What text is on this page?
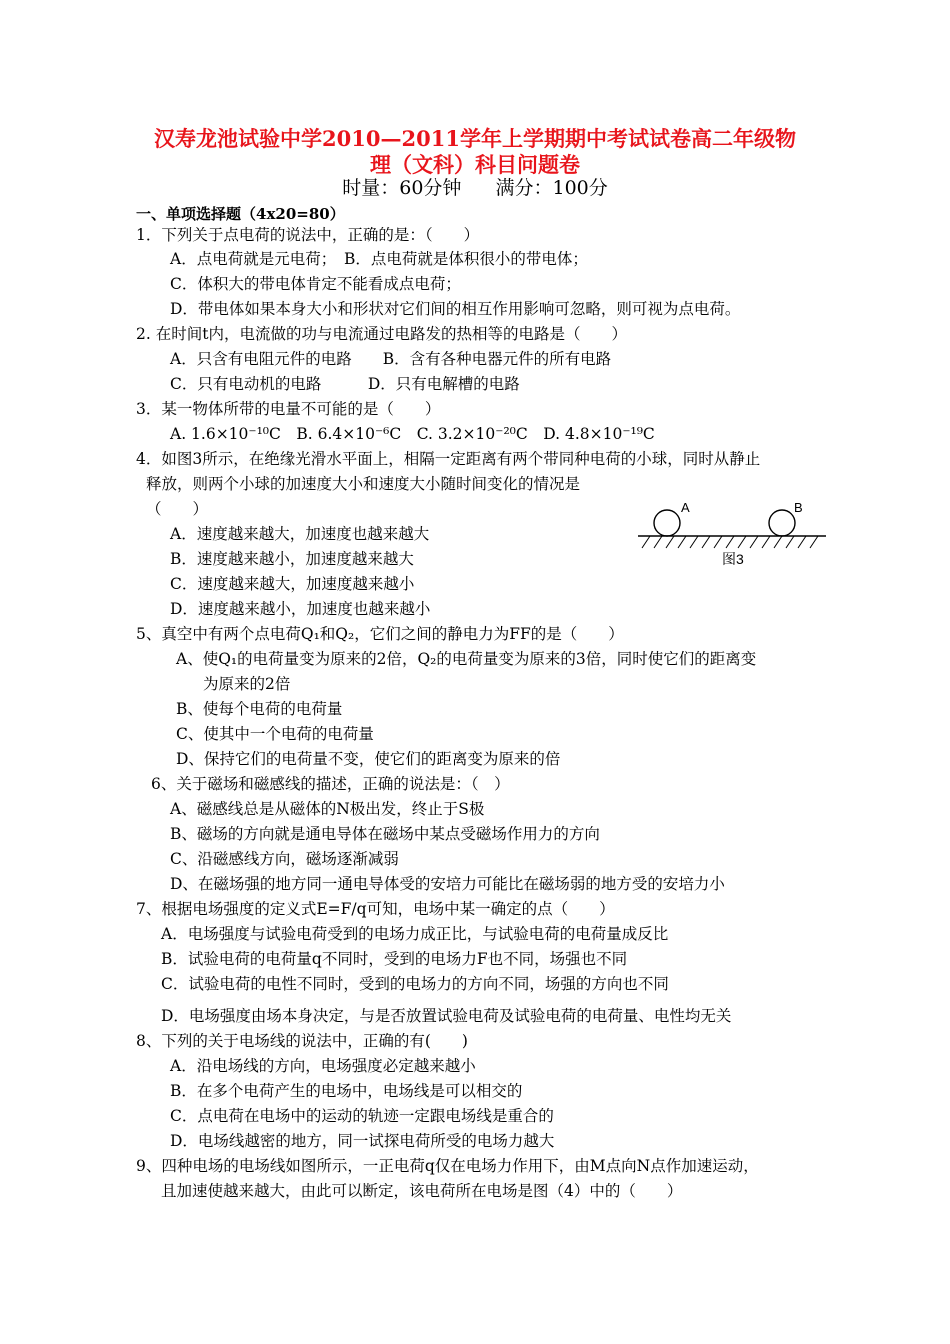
汉寿龙池试验中学2010—2011学年上学期期中考试试卷高二年级物
理（文科）科目问题卷
时量：60分钟 满分：100分
一、单项选择题（4x20=80）
1．下列关于点电荷的说法中，正确的是：（　　）
A．点电荷就是元电荷；　B．点电荷就是体积很小的带电体；
C．体积大的带电体肯定不能看成点电荷；
D．带电体如果本身大小和形状对它们间的相互作用影响可忽略，则可视为点电荷。
2. 在时间t内，电流做的功与电流通过电路发的热相等的电路是（　　）
A．只含有电阻元件的电路　　B．含有各种电器元件的所有电路
C．只有电动机的电路　　　D．只有电解槽的电路
3．某一物体所带的电量不可能的是（　　）
A. 1.6×10⁻¹⁰C　B. 6.4×10⁻⁶C　C. 3.2×10⁻²⁰C　D. 4.8×10⁻¹⁹C
4．如图3所示，在绝缘光滑水平面上，相隔一定距离有两个带同种电荷的小球，同时从静止
释放，则两个小球的加速度大小和速度大小随时间变化的情况是
（　　）
A．速度越来越大，加速度也越来越大
B．速度越来越小，加速度越来越大
C．速度越来越大，加速度越来越小
D．速度越来越小，加速度也越来越小
5、真空中有两个点电荷Q₁和Q₂，它们之间的静电力为FF的是（　　）
A、使Q₁的电荷量变为原来的2倍，Q₂的电荷量变为原来的3倍，同时使它们的距离变
为原来的2倍
B、使每个电荷的电荷量
C、使其中一个电荷的电荷量
D、保持它们的电荷量不变，使它们的距离变为原来的倍
6、关于磁场和磁感线的描述，正确的说法是：（　）
A、磁感线总是从磁体的N极出发，终止于S极
B、磁场的方向就是通电导体在磁场中某点受磁场作用力的方向
C、沿磁感线方向，磁场逐渐减弱
D、在磁场强的地方同一通电导体受的安培力可能比在磁场弱的地方受的安培力小
7、根据电场强度的定义式E=F/q可知，电场中某一确定的点（　　）
A．电场强度与试验电荷受到的电场力成正比，与试验电荷的电荷量成反比
B．试验电荷的电荷量q不同时，受到的电场力F也不同，场强也不同
C．试验电荷的电性不同时，受到的电场力的方向不同，场强的方向也不同
D．电场强度由场本身决定，与是否放置试验电荷及试验电荷的电荷量、电性均无关
8、下列的关于电场线的说法中，正确的有(　　)
A．沿电场线的方向，电场强度必定越来越小
B．在多个电荷产生的电场中，电场线是可以相交的
C．点电荷在电场中的运动的轨迹一定跟电场线是重合的
D．电场线越密的地方，同一试探电荷所受的电场力越大
9、四种电场的电场线如图所示，一正电荷q仅在电场力作用下，由M点向N点作加速运动，
且加速使越来越大，由此可以断定，该电荷所在电场是图（4）中的（　　）
A	B
图3
